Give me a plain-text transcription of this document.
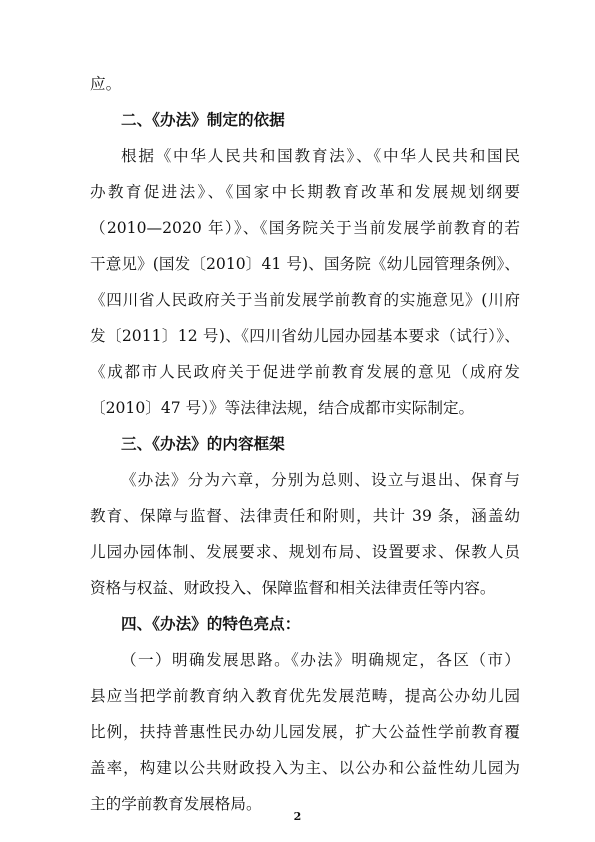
应。
二、《办法》制定的依据
根据《中华人民共和国教育法》、《中华人民共和国民
办教育促进法》、《国家中长期教育改革和发展规划纲要
（2010—2020 年）》、《国务院关于当前发展学前教育的若
干意见》(国发〔2010〕41 号)、国务院《幼儿园管理条例》、
《四川省人民政府关于当前发展学前教育的实施意见》(川府
发〔2011〕12 号)、《四川省幼儿园办园基本要求（试行）》、
《成都市人民政府关于促进学前教育发展的意见（成府发
〔2010〕47 号）》等法律法规，结合成都市实际制定。
三、《办法》的内容框架
《办法》分为六章，分别为总则、设立与退出、保育与
教育、保障与监督、法律责任和附则，共计 39 条，涵盖幼
儿园办园体制、发展要求、规划布局、设置要求、保教人员
资格与权益、财政投入、保障监督和相关法律责任等内容。
四、《办法》的特色亮点：
（一）明确发展思路。《办法》明确规定，各区（市）
县应当把学前教育纳入教育优先发展范畴，提高公办幼儿园
比例，扶持普惠性民办幼儿园发展，扩大公益性学前教育覆
盖率，构建以公共财政投入为主、以公办和公益性幼儿园为
主的学前教育发展格局。
2
